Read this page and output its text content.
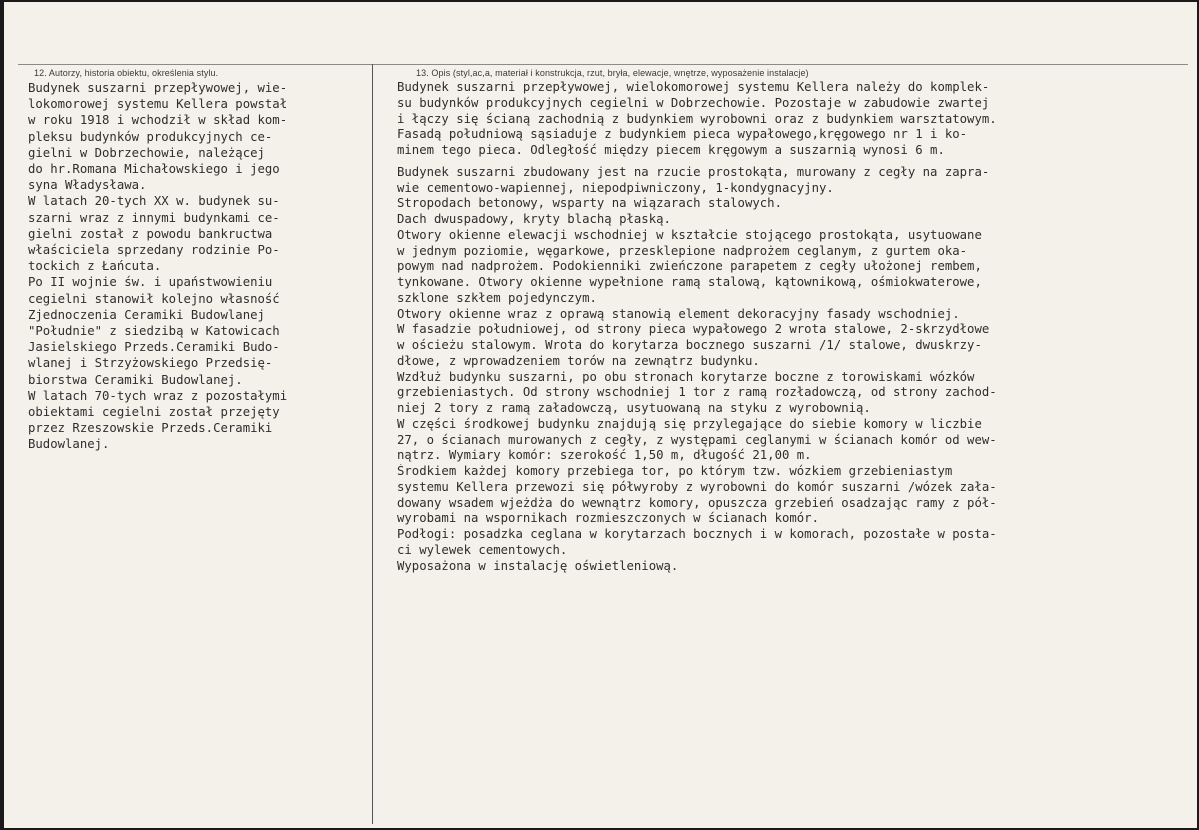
12. Autorzy, historia obiektu, określenia stylu.	13. Opis (styl,ac,a, materiał i konstrukcja, rzut, bryła, elewacje, wnętrze, wyposażenie instalacje)
Budynek suszarni przepływowej, wie-
lokomorowej systemu Kellera powstał
w roku 1918 i wchodził w skład kom-
pleksu budynków produkcyjnych ce-
gielni w Dobrzechowie, należącej
do hr.Romana Michałowskiego i jego
syna Władysława.
W latach 20-tych XX w. budynek su-
szarni wraz z innymi budynkami ce-
gielni został z powodu bankructwa
właściciela sprzedany rodzinie Po-
tockich z Łańcuta.
Po II wojnie św. i upaństwowieniu
cegielni stanowił kolejno własność
Zjednoczenia Ceramiki Budowlanej
"Południe" z siedzibą w Katowicach
Jasielskiego Przeds.Ceramiki Budo-
wlanej i Strzyżowskiego Przedsię-
biorstwa Ceramiki Budowlanej.
W latach 70-tych wraz z pozostałymi
obiektami cegielni został przejęty
przez Rzeszowskie Przeds.Ceramiki
Budowlanej.
Budynek suszarni przepływowej, wielokomorowej systemu Kellera należy do komplek-
su budynków produkcyjnych cegielni w Dobrzechowie. Pozostaje w zabudowie zwartej
i łączy się ścianą zachodnią z budynkiem wyrobowni oraz z budynkiem warsztatowym.
Fasadą południową sąsiaduje z budynkiem pieca wypałowego,kręgowego nr 1 i ko-
minem tego pieca. Odległość między piecem kręgowym a suszarnią wynosi 6 m.
Budynek suszarni zbudowany jest na rzucie prostokąta, murowany z cegły na zapra-
wie cementowo-wapiennej, niepodpiwniczony, 1-kondygnacyjny.
Stropodach betonowy, wsparty na wiązarach stalowych.
Dach dwuspadowy, kryty blachą płaską.
Otwory okienne elewacji wschodniej w kształcie stojącego prostokąta, usytuowane
w jednym poziomie, węgarkowe, przesklepione nadprożem ceglanym, z gurtem oka-
powym nad nadprożem. Podokienniki zwieńczone parapetem z cegły ułożonej rembem,
tynkowane. Otwory okienne wypełnione ramą stalową, kątownikową, ośmiokwaterowe,
szklone szkłem pojedynczym.
Otwory okienne wraz z oprawą stanowią element dekoracyjny fasady wschodniej.
W fasadzie południowej, od strony pieca wypałowego 2 wrota stalowe, 2-skrzydłowe
w ościeżu stalowym. Wrota do korytarza bocznego suszarni /1/ stalowe, dwuskrzy-
dłowe, z wprowadzeniem torów na zewnątrz budynku.
Wzdłuż budynku suszarni, po obu stronach korytarze boczne z torowiskami wózków
grzebieniastych. Od strony wschodniej 1 tor z ramą rozładowczą, od strony zachod-
niej 2 tory z ramą załadowczą, usytuowaną na styku z wyrobownią.
W części środkowej budynku znajdują się przylegające do siebie komory w liczbie
27, o ścianach murowanych z cegły, z występami ceglanymi w ścianach komór od wew-
nątrz. Wymiary komór: szerokość 1,50 m, długość 21,00 m.
Środkiem każdej komory przebiega tor, po którym tzw. wózkiem grzebieniastym
systemu Kellera przewozi się półwyroby z wyrobowni do komór suszarni /wózek zała-
dowany wsadem wjeżdża do wewnątrz komory, opuszcza grzebień osadzając ramy z pół-
wyrobami na wspornikach rozmieszczonych w ścianach komór.
Podłogi: posadzka ceglana w korytarzach bocznych i w komorach, pozostałe w posta-
ci wylewek cementowych.
Wyposażona w instalację oświetleniową.
